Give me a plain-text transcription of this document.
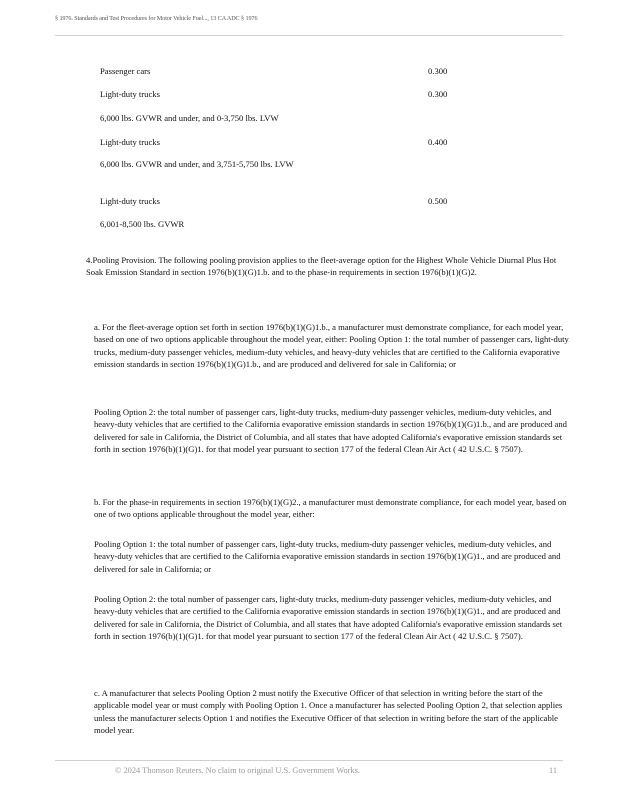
§ 1976. Standards and Test Procedures for Motor Vehicle Fuel..., 13 CA ADC § 1976
Passenger cars	0.300
Light-duty trucks	0.300
6,000 lbs. GVWR and under, and 0-3,750 lbs. LVW
Light-duty trucks	0.400
6,000 lbs. GVWR and under, and 3,751-5,750 lbs. LVW
Light-duty trucks	0.500
6,001-8,500 lbs. GVWR

4.Pooling Provision. The following pooling provision applies to the fleet-average option for the Highest Whole Vehicle Diurnal Plus Hot Soak Emission Standard in section 1976(b)(1)(G)1.b. and to the phase-in requirements in section 1976(b)(1)(G)2.

a. For the fleet-average option set forth in section 1976(b)(1)(G)1.b., a manufacturer must demonstrate compliance, for each model year, based on one of two options applicable throughout the model year, either: Pooling Option 1: the total number of passenger cars, light-duty trucks, medium-duty passenger vehicles, medium-duty vehicles, and heavy-duty vehicles that are certified to the California evaporative emission standards in section 1976(b)(1)(G)1.b., and are produced and delivered for sale in California; or

Pooling Option 2: the total number of passenger cars, light-duty trucks, medium-duty passenger vehicles, medium-duty vehicles, and heavy-duty vehicles that are certified to the California evaporative emission standards in section 1976(b)(1)(G)1.b., and are produced and delivered for sale in California, the District of Columbia, and all states that have adopted California's evaporative emission standards set forth in section 1976(b)(1)(G)1. for that model year pursuant to section 177 of the federal Clean Air Act ( 42 U.S.C. § 7507).

b. For the phase-in requirements in section 1976(b)(1)(G)2., a manufacturer must demonstrate compliance, for each model year, based on one of two options applicable throughout the model year, either:

Pooling Option 1: the total number of passenger cars, light-duty trucks, medium-duty passenger vehicles, medium-duty vehicles, and heavy-duty vehicles that are certified to the California evaporative emission standards in section 1976(b)(1)(G)1., and are produced and delivered for sale in California; or

Pooling Option 2: the total number of passenger cars, light-duty trucks, medium-duty passenger vehicles, medium-duty vehicles, and heavy-duty vehicles that are certified to the California evaporative emission standards in section 1976(b)(1)(G)1., and are produced and delivered for sale in California, the District of Columbia, and all states that have adopted California's evaporative emission standards set forth in section 1976(b)(1)(G)1. for that model year pursuant to section 177 of the federal Clean Air Act ( 42 U.S.C. § 7507).

c. A manufacturer that selects Pooling Option 2 must notify the Executive Officer of that selection in writing before the start of the applicable model year or must comply with Pooling Option 1. Once a manufacturer has selected Pooling Option 2, that selection applies unless the manufacturer selects Option 1 and notifies the Executive Officer of that selection in writing before the start of the applicable model year.

© 2024 Thomson Reuters. No claim to original U.S. Government Works.	11
